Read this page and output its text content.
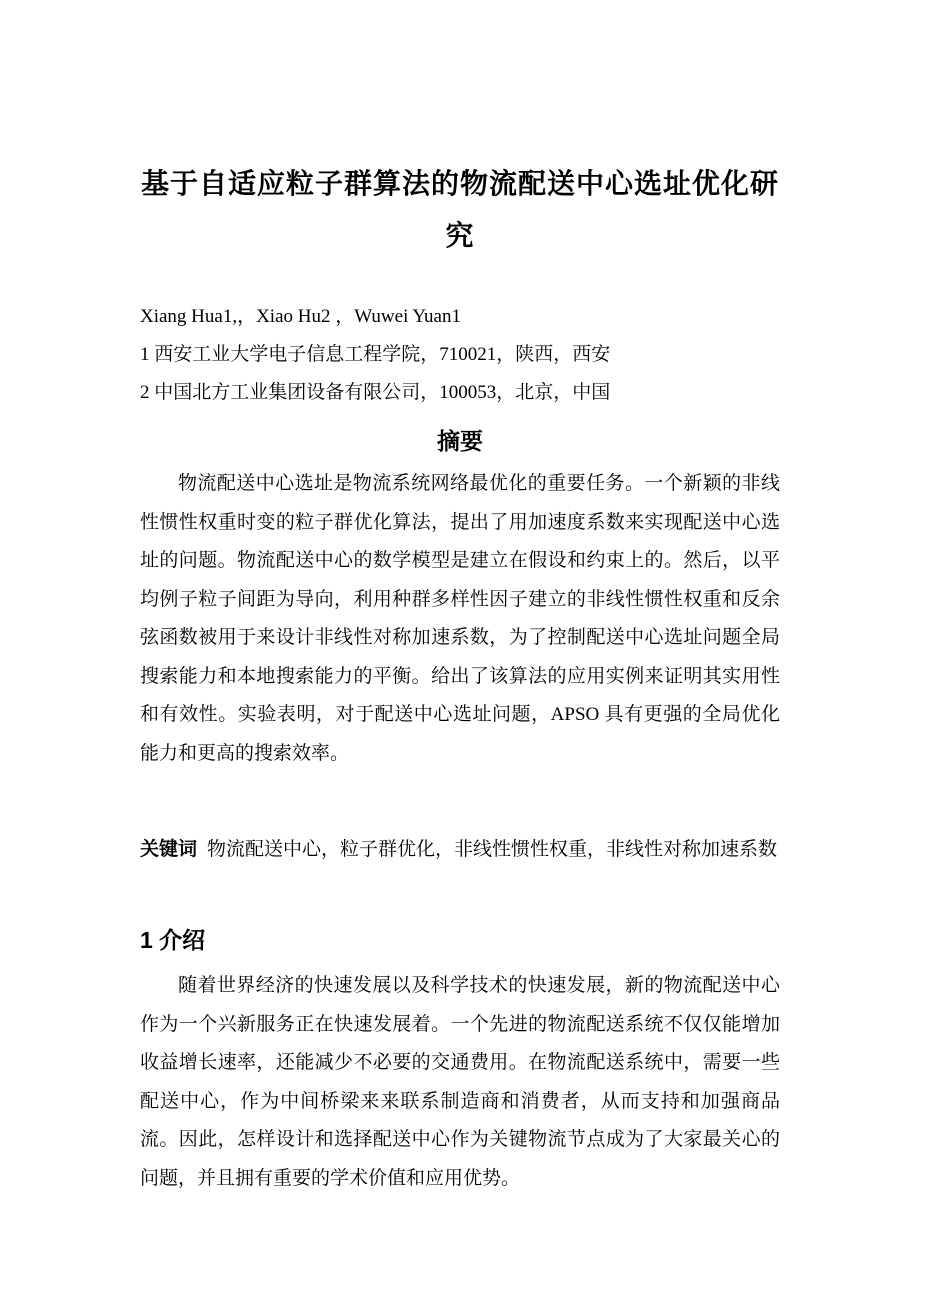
基于自适应粒子群算法的物流配送中心选址优化研究
Xiang Hua1,，Xiao Hu2 ，Wuwei Yuan1
1 西安工业大学电子信息工程学院，710021，陕西，西安
2 中国北方工业集团设备有限公司，100053，北京，中国
摘要

物流配送中心选址是物流系统网络最优化的重要任务。一个新颖的非线性惯性权重时变的粒子群优化算法，提出了用加速度系数来实现配送中心选址的问题。物流配送中心的数学模型是建立在假设和约束上的。然后，以平均例子粒子间距为导向，利用种群多样性因子建立的非线性惯性权重和反余弦函数被用于来设计非线性对称加速系数，为了控制配送中心选址问题全局搜索能力和本地搜索能力的平衡。给出了该算法的应用实例来证明其实用性和有效性。实验表明，对于配送中心选址问题，APSO 具有更强的全局优化能力和更高的搜索效率。

关键词 物流配送中心，粒子群优化，非线性惯性权重，非线性对称加速系数
1 介绍

随着世界经济的快速发展以及科学技术的快速发展，新的物流配送中心作为一个兴新服务正在快速发展着。一个先进的物流配送系统不仅仅能增加收益增长速率，还能减少不必要的交通费用。在物流配送系统中，需要一些配送中心，作为中间桥梁来来联系制造商和消费者，从而支持和加强商品流。因此，怎样设计和选择配送中心作为关键物流节点成为了大家最关心的问题，并且拥有重要的学术价值和应用优势。
